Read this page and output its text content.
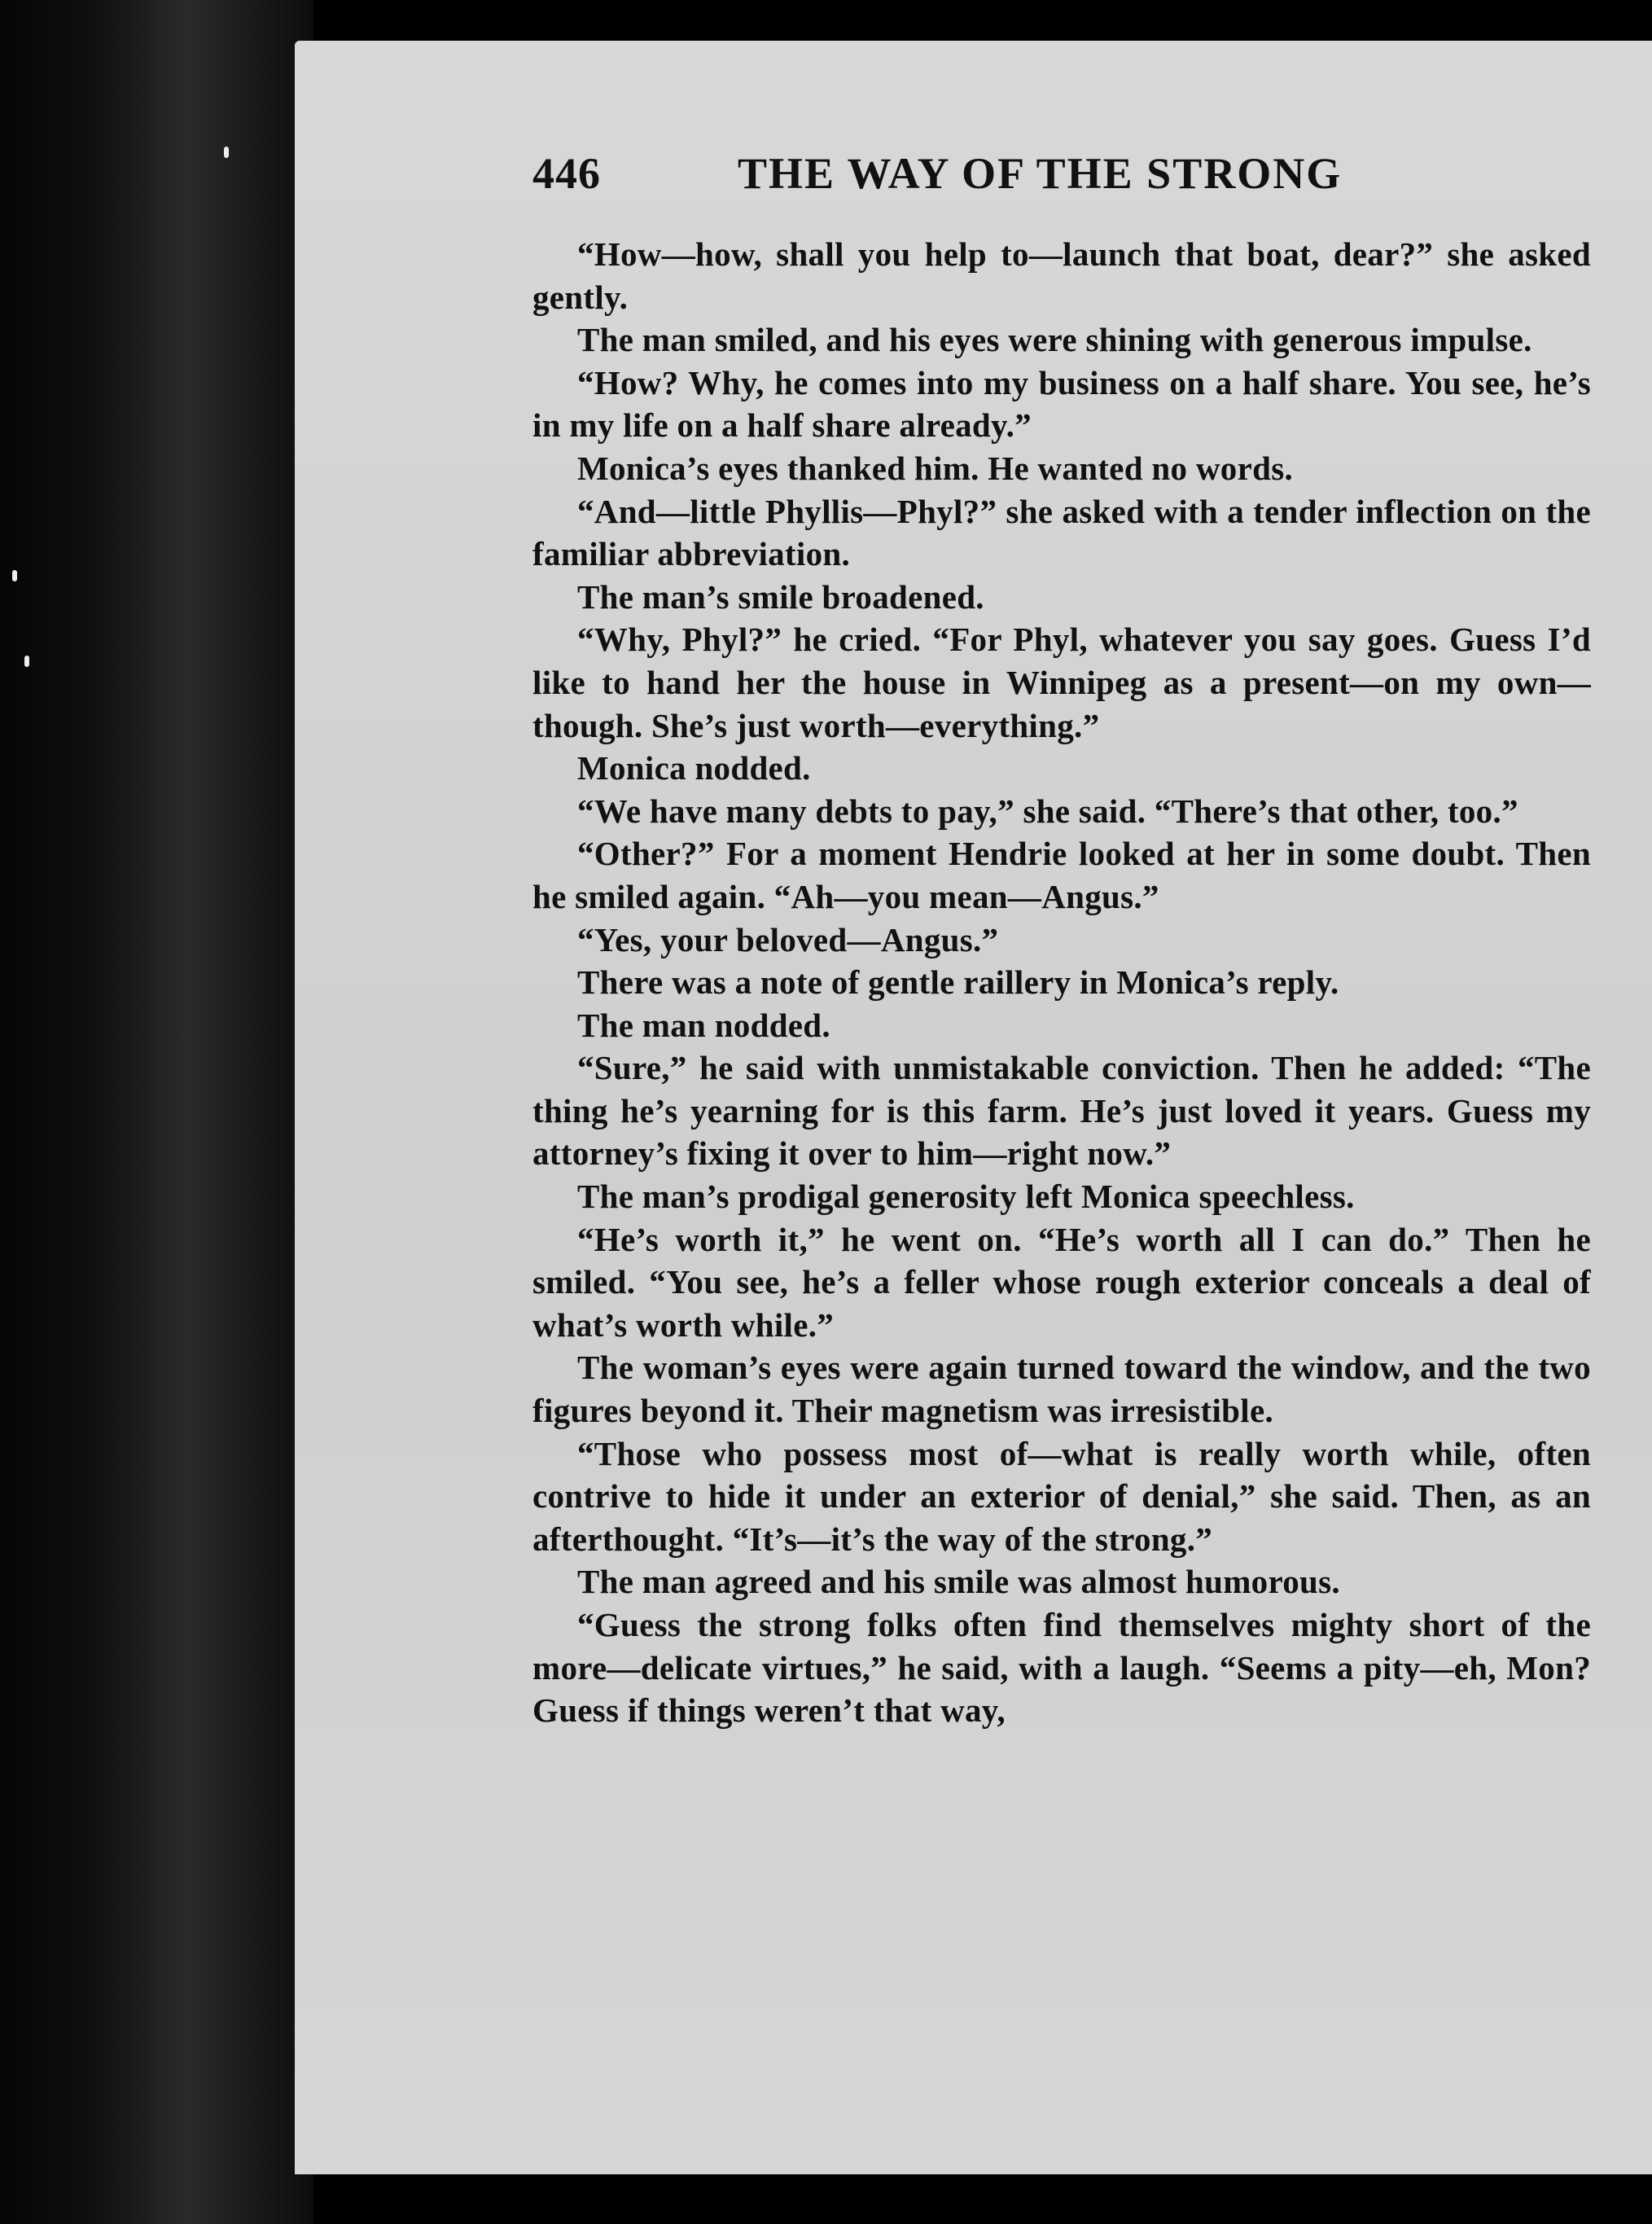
446	THE WAY OF THE STRONG

“How—how, shall you help to—launch that boat, dear?” she asked gently.

The man smiled, and his eyes were shining with generous impulse.

“How? Why, he comes into my business on a half share. You see, he’s in my life on a half share already.”

Monica’s eyes thanked him. He wanted no words.

“And—little Phyllis—Phyl?” she asked with a tender inflection on the familiar abbreviation.

The man’s smile broadened.

“Why, Phyl?” he cried. “For Phyl, whatever you say goes. Guess I’d like to hand her the house in Winnipeg as a present—on my own—though. She’s just worth—everything.”

Monica nodded.

“We have many debts to pay,” she said. “There’s that other, too.”

“Other?” For a moment Hendrie looked at her in some doubt. Then he smiled again. “Ah—you mean—Angus.”

“Yes, your beloved—Angus.”

There was a note of gentle raillery in Monica’s reply.

The man nodded.

“Sure,” he said with unmistakable conviction. Then he added: “The thing he’s yearning for is this farm. He’s just loved it years. Guess my attorney’s fixing it over to him—right now.”

The man’s prodigal generosity left Monica speechless.

“He’s worth it,” he went on. “He’s worth all I can do.” Then he smiled. “You see, he’s a feller whose rough exterior conceals a deal of what’s worth while.”

The woman’s eyes were again turned toward the window, and the two figures beyond it. Their magnetism was irresistible.

“Those who possess most of—what is really worth while, often contrive to hide it under an exterior of denial,” she said. Then, as an afterthought. “It’s—it’s the way of the strong.”

The man agreed and his smile was almost humorous.

“Guess the strong folks often find themselves mighty short of the more—delicate virtues,” he said, with a laugh. “Seems a pity—eh, Mon? Guess if things weren’t that way,
